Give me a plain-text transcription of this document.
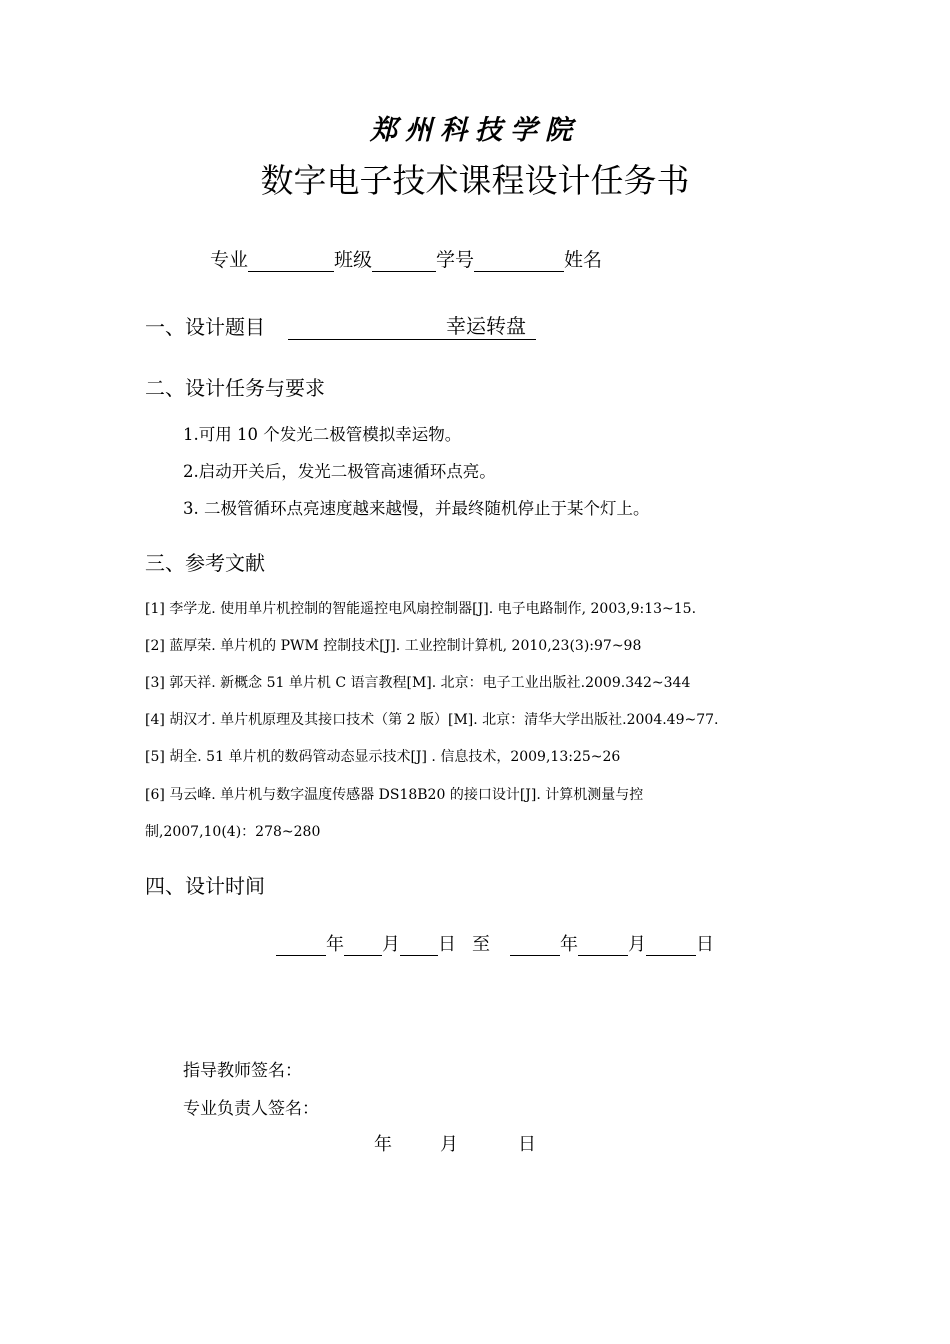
郑州科技学院
数字电子技术课程设计任务书
专业	班级	学号	姓名
一、设计题目	幸运转盘
二、设计任务与要求
1.可用 10 个发光二极管模拟幸运物。
2.启动开关后，发光二极管高速循环点亮。
3. 二极管循环点亮速度越来越慢，并最终随机停止于某个灯上。
三、参考文献
[1] 李学龙. 使用单片机控制的智能遥控电风扇控制器[J]. 电子电路制作, 2003,9:13~15.
[2] 蓝厚荣. 单片机的 PWM 控制技术[J]. 工业控制计算机, 2010,23(3):97~98
[3] 郭天祥. 新概念 51 单片机 C 语言教程[M]. 北京：电子工业出版社.2009.342~344
[4] 胡汉才. 单片机原理及其接口技术（第 2 版）[M]. 北京：清华大学出版社.2004.49~77.
[5] 胡全. 51 单片机的数码管动态显示技术[J] . 信息技术，2009,13:25~26
[6] 马云峰. 单片机与数字温度传感器 DS18B20 的接口设计[J]. 计算机测量与控
制,2007,10(4)：278~280
四、设计时间
年 月 日 至	年	月	日
指导教师签名：
专业负责人签名：
年	月	日
